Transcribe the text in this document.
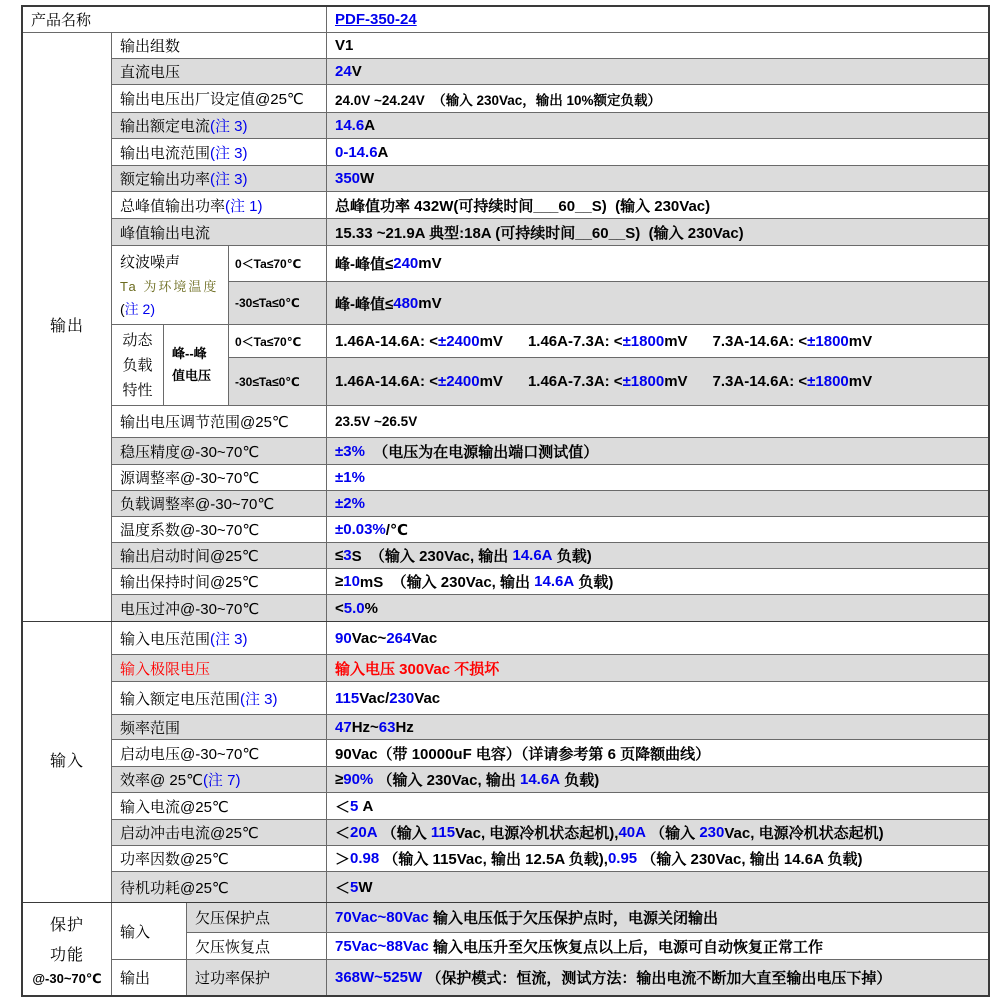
产品名称	PDF-350-24
输出
输出组数	V1
直流电压	24 V
输出电压出厂设定值@25℃ 24.0V ~24.24V  （输入 230Vac，输出 10%额定负载）
输出额定电流 (注 3)	14.6 A
输出电流范围 (注 3)	0-14.6 A
额定输出功率 (注 3)	350 W
总峰值输出功率 (注 1)	总峰值功率 432W(可持续时间___60__S)  (输入 230Vac)
峰值输出电流	15.33 ~21.9A 典型:18A (可持续时间__60__S)  (输入 230Vac)
纹波噪声
Ta 为环境温度
(注 2)
0＜Ta≤70℃	峰-峰值≤ 240 mV
-30≤Ta≤0℃	峰-峰值≤ 480 mV
动态
负载
特性
峰--峰
值电压
0＜Ta≤70℃	1.46A-14.6A: < ±2400 mV      1.46A-7.3A: < ±1800 mV      7.3A-14.6A: < ±1800 mV
-30≤Ta≤0℃	1.46A-14.6A: < ±2400 mV      1.46A-7.3A: < ±1800 mV      7.3A-14.6A: < ±1800 mV
输出电压调节范围@25℃	23.5V ~26.5V
稳压精度@-30~70℃	±3% （电压为在电源输出端口测试值）
源调整率@-30~70℃	±1%
负载调整率@-30~70℃	±2%
温度系数@-30~70℃	±0.03% /℃
输出启动时间@25℃	≤ 3 S  （输入 230Vac, 输出 14.6A 负载)
输出保持时间@25℃	≥ 10 mS  （输入 230Vac, 输出 14.6A 负载)
电压过冲@-30~70℃	< 5.0 %
输入
输入电压范围 (注 3)	90 Vac~ 264 Vac
输入极限电压	输入电压 300Vac 不损坏
输入额定电压范围 (注 3)	115 Vac/ 230 Vac
频率范围	47 Hz~ 63 Hz
启动电压@-30~70℃	90Vac（带 10000uF 电容）（详请参考第 6 页降额曲线）
效率@ 25℃ (注 7)	≥ 90% （输入 230Vac, 输出 14.6A 负载)
输入电流@25℃	＜ 5 A
启动冲击电流@25℃	＜ 20A （输入 115 Vac, 电源冷机状态起机), 40A （输入 230 Vac, 电源冷机状态起机)
功率因数@25℃	＞ 0.98 （输入 115Vac, 输出 12.5A 负载), 0.95 （输入 230Vac, 输出 14.6A 负载)
待机功耗@25℃	＜ 5 W
保护
功能
@-30~70℃
输入
欠压保护点	70Vac~80Vac 输入电压低于欠压保护点时，电源关闭输出
欠压恢复点	75Vac~88Vac 输入电压升至欠压恢复点以上后，电源可自动恢复正常工作
输出	过功率保护	368W~525W （保护模式：恒流，测试方法：输出电流不断加大直至输出电压下掉）
